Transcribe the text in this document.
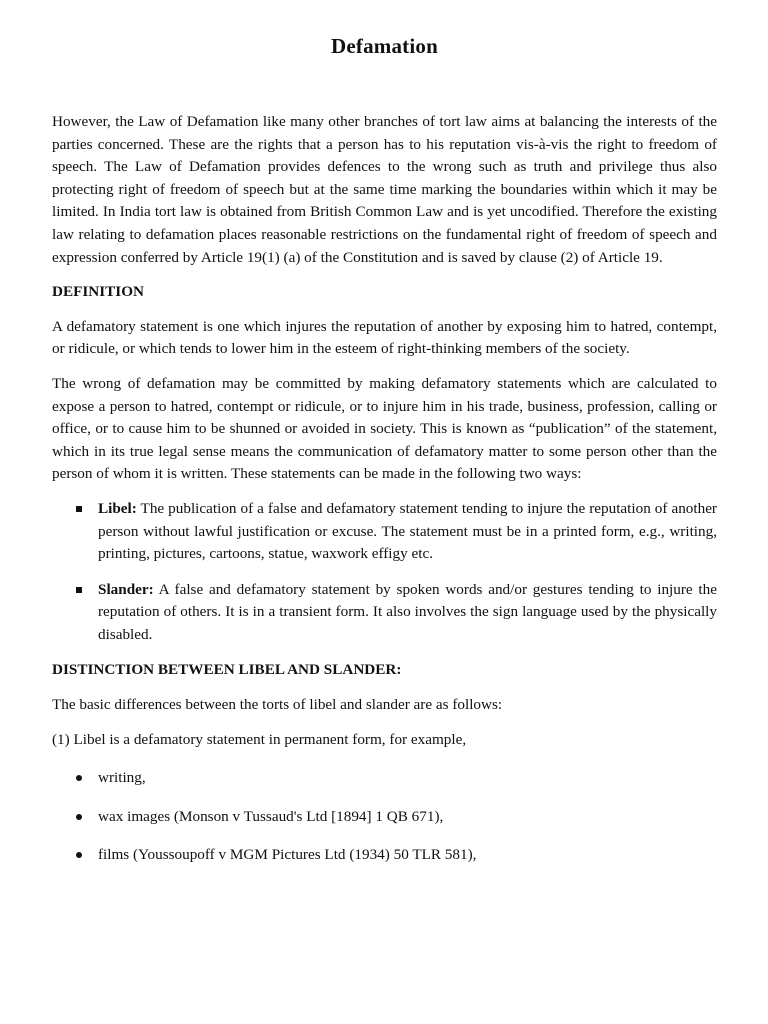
Defamation

However, the Law of Defamation like many other branches of tort law aims at balancing the interests of the parties concerned. These are the rights that a person has to his reputation vis-à-vis the right to freedom of speech. The Law of Defamation provides defences to the wrong such as truth and privilege thus also protecting right of freedom of speech but at the same time marking the boundaries within which it may be limited. In India tort law is obtained from British Common Law and is yet uncodified. Therefore the existing law relating to defamation places reasonable restrictions on the fundamental right of freedom of speech and expression conferred by Article 19(1) (a) of the Constitution and is saved by clause (2) of Article 19.

DEFINITION

A defamatory statement is one which injures the reputation of another by exposing him to hatred, contempt, or ridicule, or which tends to lower him in the esteem of right-thinking members of the society.

The wrong of defamation may be committed by making defamatory statements which are calculated to expose a person to hatred, contempt or ridicule, or to injure him in his trade, business, profession, calling or office, or to cause him to be shunned or avoided in society. This is known as “publication” of the statement, which in its true legal sense means the communication of defamatory matter to some person other than the person of whom it is written. These statements can be made in the following two ways:

Libel: The publication of a false and defamatory statement tending to injure the reputation of another person without lawful justification or excuse. The statement must be in a printed form, e.g., writing, printing, pictures, cartoons, statue, waxwork effigy etc.
Slander: A false and defamatory statement by spoken words and/or gestures tending to injure the reputation of others. It is in a transient form. It also involves the sign language used by the physically disabled.
DISTINCTION BETWEEN LIBEL AND SLANDER:

The basic differences between the torts of libel and slander are as follows:

(1) Libel is a defamatory statement in permanent form, for example,

writing,
wax images (Monson v Tussaud's Ltd [1894] 1 QB 671),
films (Youssoupoff v MGM Pictures Ltd (1934) 50 TLR 581),
